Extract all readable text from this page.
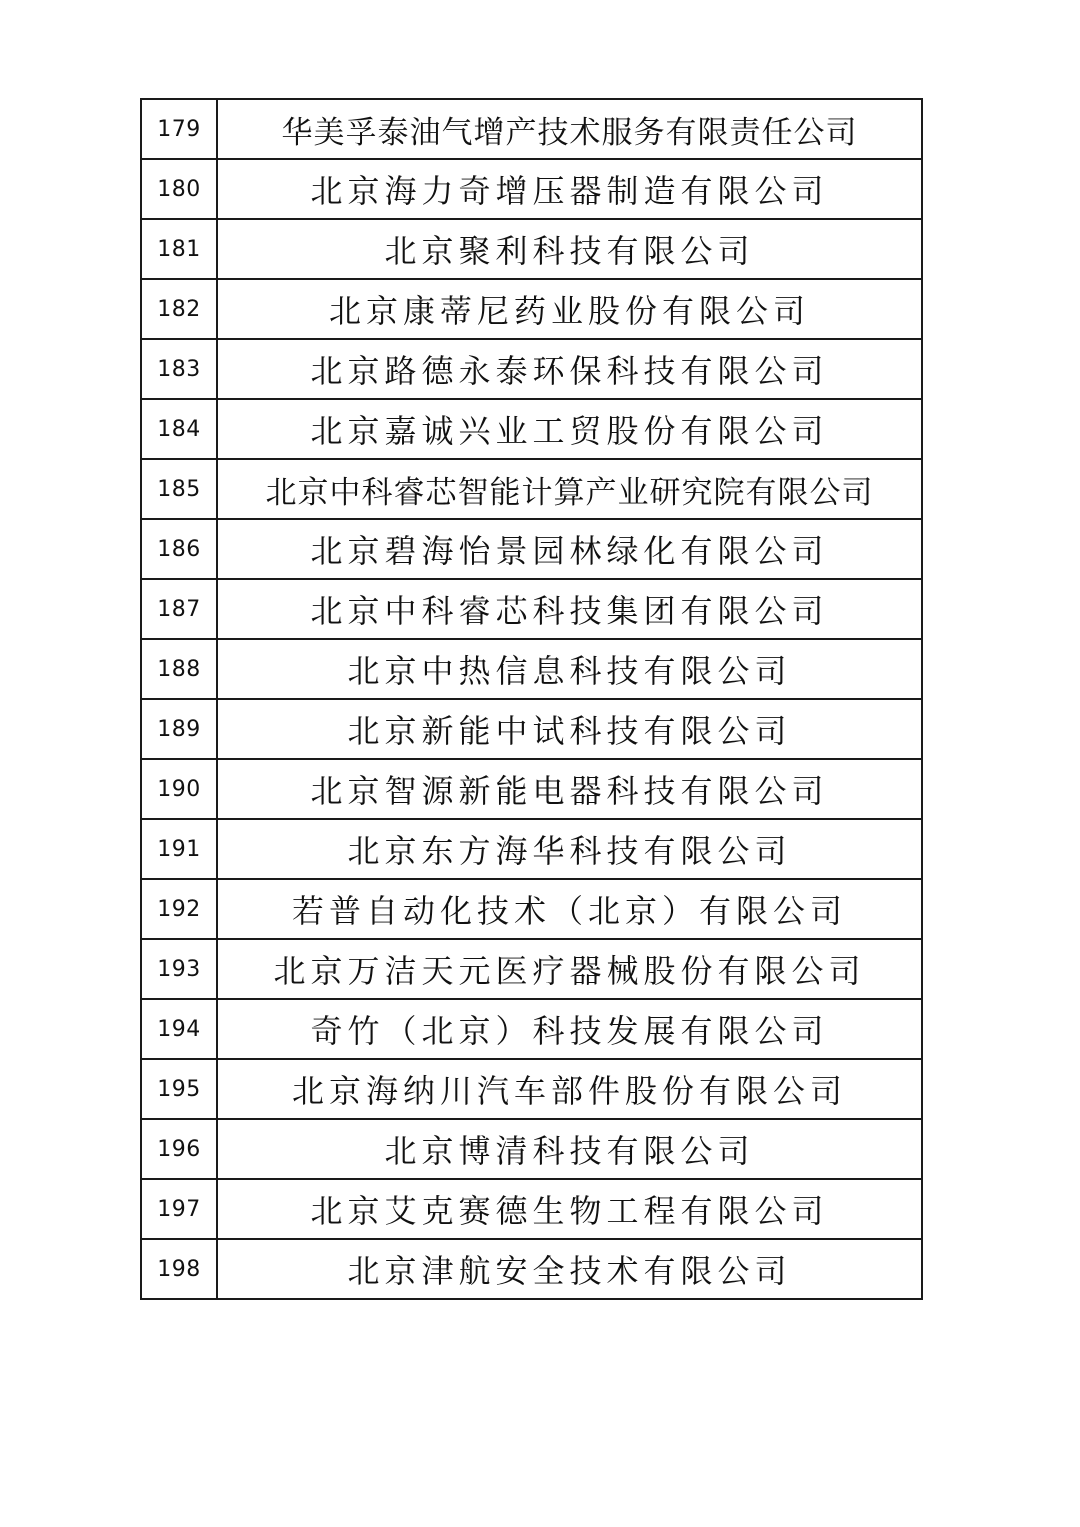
179	华美孚泰油气增产技术服务有限责任公司
180	北京海力奇增压器制造有限公司
181	北京聚利科技有限公司
182	北京康蒂尼药业股份有限公司
183	北京路德永泰环保科技有限公司
184	北京嘉诚兴业工贸股份有限公司
185	北京中科睿芯智能计算产业研究院有限公司
186	北京碧海怡景园林绿化有限公司
187	北京中科睿芯科技集团有限公司
188	北京中热信息科技有限公司
189	北京新能中试科技有限公司
190	北京智源新能电器科技有限公司
191	北京东方海华科技有限公司
192	若普自动化技术（北京）有限公司
193	北京万洁天元医疗器械股份有限公司
194	奇竹（北京）科技发展有限公司
195	北京海纳川汽车部件股份有限公司
196	北京博清科技有限公司
197	北京艾克赛德生物工程有限公司
198	北京津航安全技术有限公司
